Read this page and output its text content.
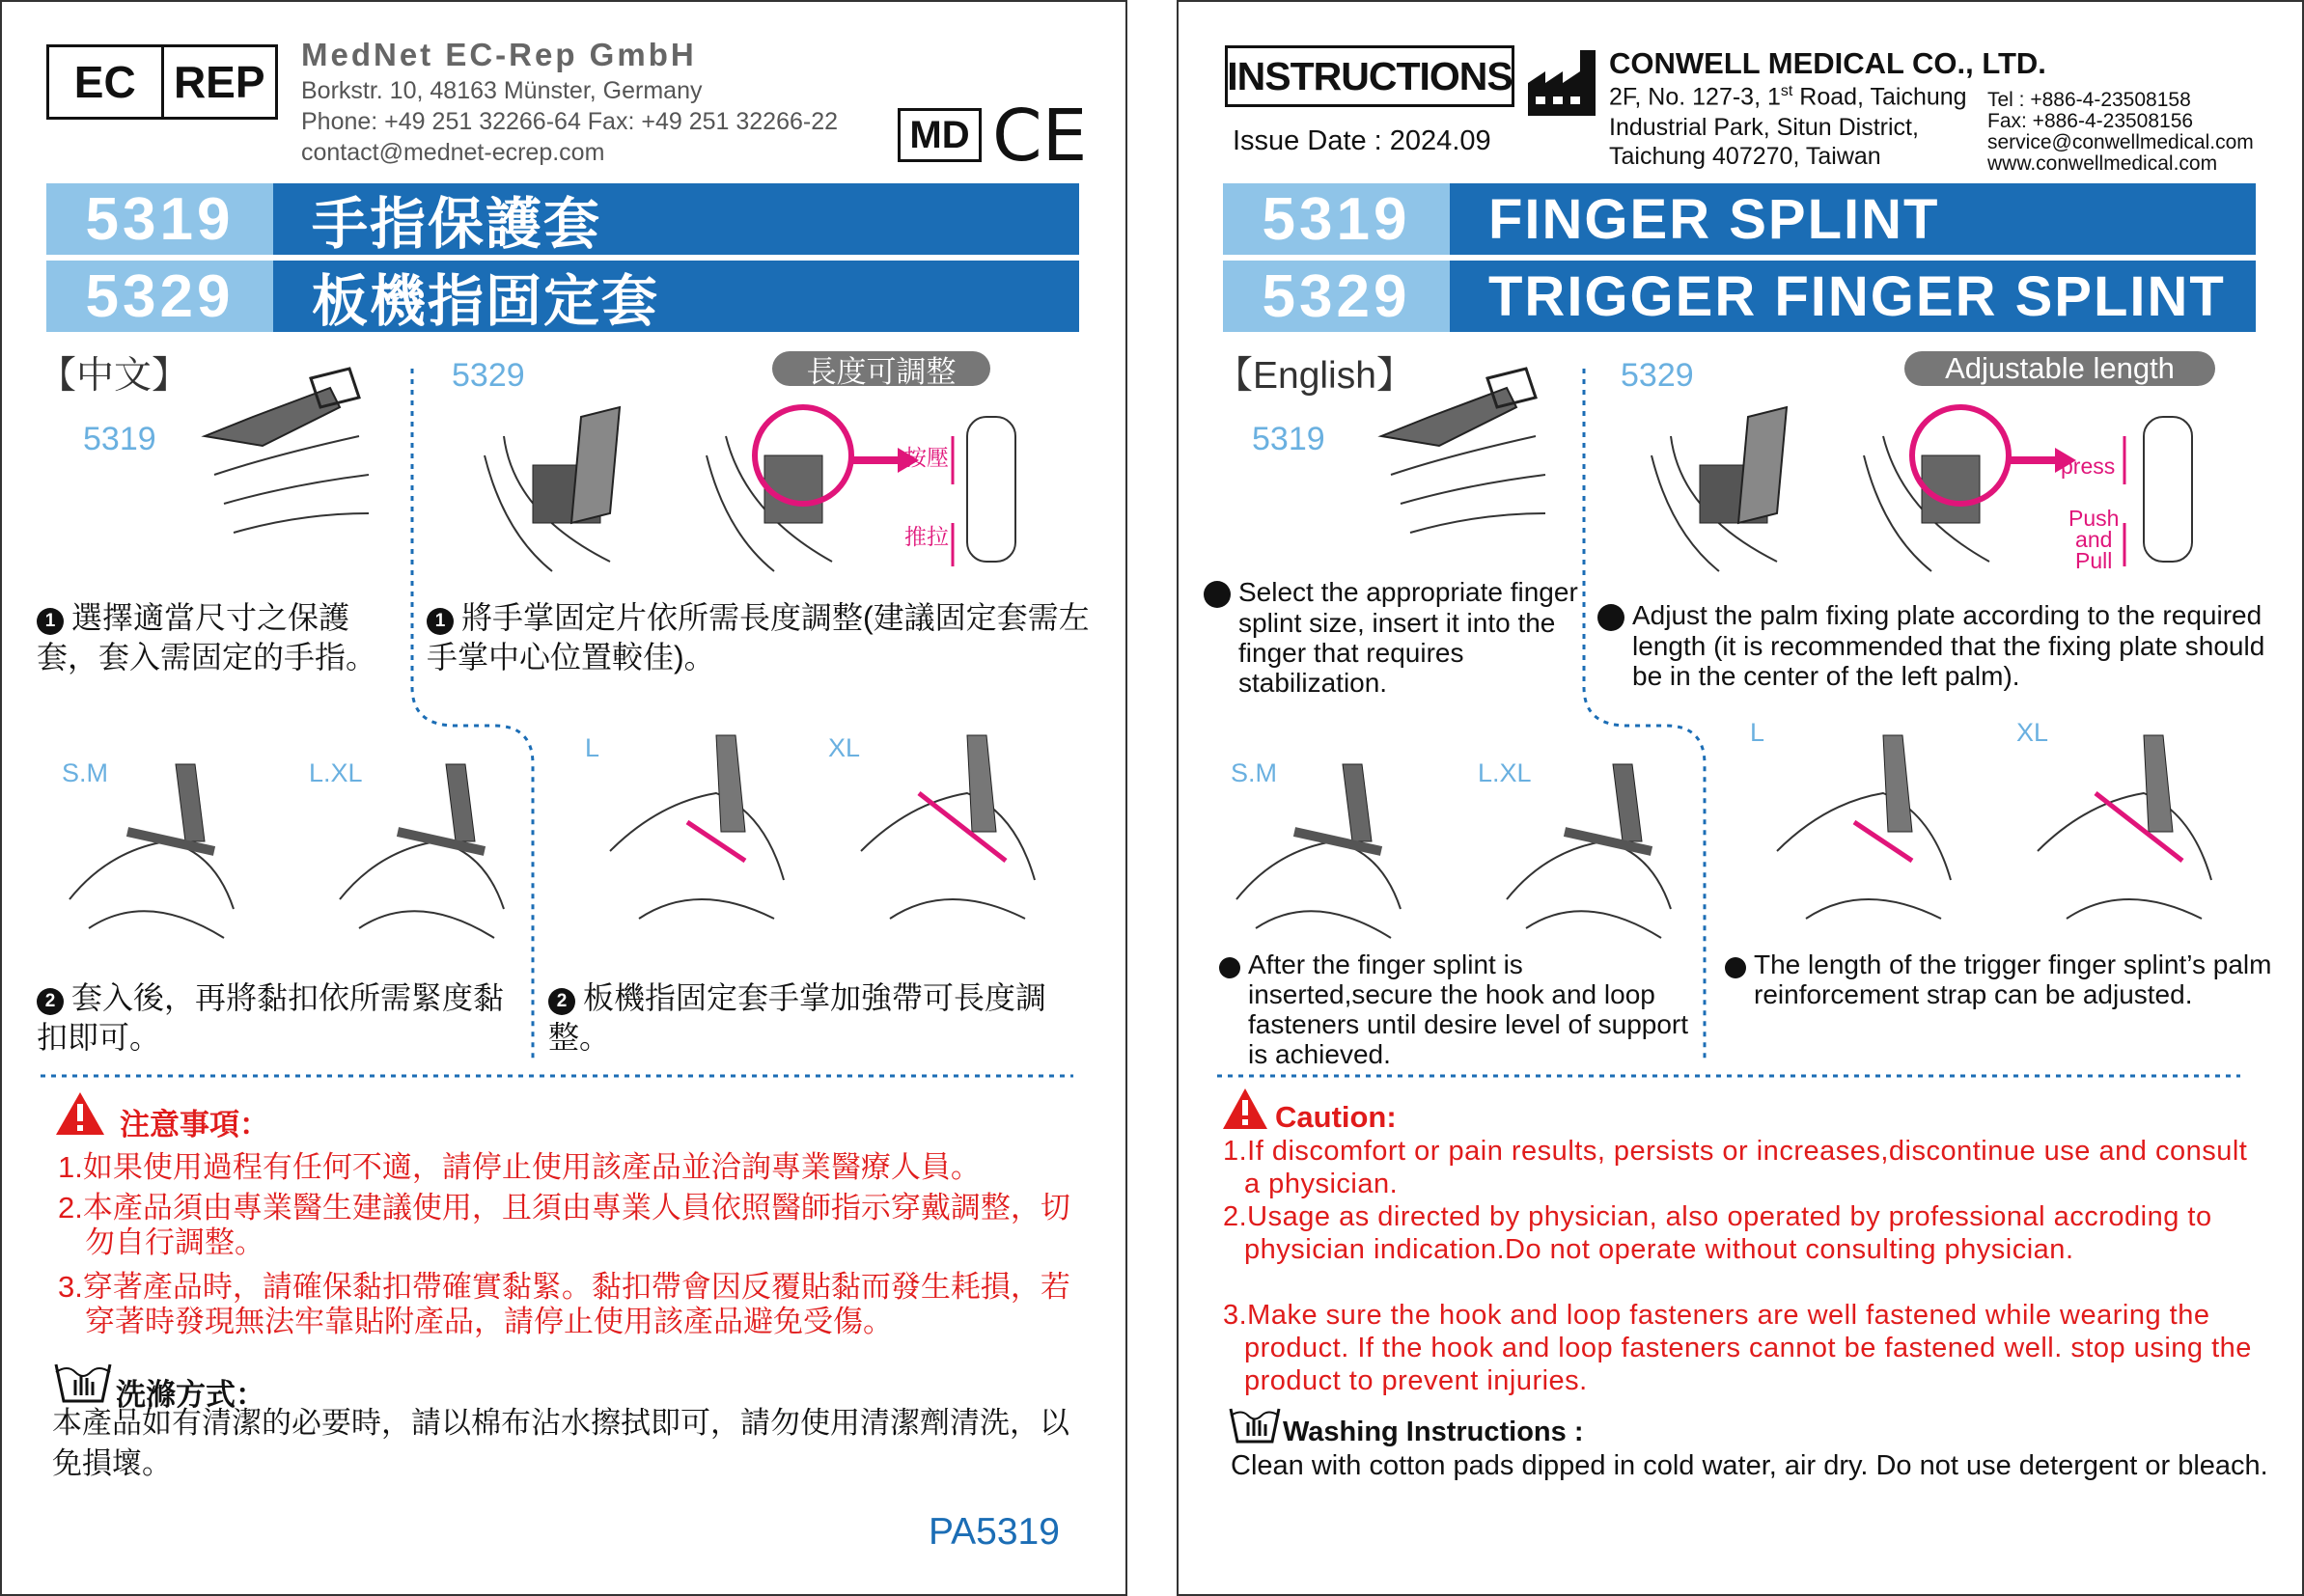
EC REP
MedNet EC-Rep GmbH
Borkstr. 10, 48163 Münster, Germany
Phone: +49 251 32266-64 Fax: +49 251 32266-22
contact@mednet-ecrep.com	MD CE
5319	手指保護套
5329	板機指固定套
【中文】
5319
5329	長度可調整
按壓
推拉
1 選擇適當尺寸之保護套，套入需固定的手指。
1 將手掌固定片依所需長度調整(建議固定套需左手掌中心位置較佳)。
S.M	L.XL
L	XL
2 套入後，再將黏扣依所需緊度黏扣即可。
2 板機指固定套手掌加強帶可長度調整。
注意事項：
1.如果使用過程有任何不適，請停止使用該產品並洽詢專業醫療人員。
2.本產品須由專業醫生建議使用，且須由專業人員依照醫師指示穿戴調整，切勿自行調整。
3.穿著產品時，請確保黏扣帶確實黏緊。黏扣帶會因反覆貼黏而發生耗損，若穿著時發現無法牢靠貼附產品，請停止使用該產品避免受傷。
洗滌方式：
本產品如有清潔的必要時，請以棉布沾水擦拭即可，請勿使用清潔劑清洗，以免損壞。
PA5319
INSTRUCTIONS
Issue Date : 2024.09
CONWELL MEDICAL CO., LTD.
2F, No. 127-3, 1st Road, Taichung
Industrial Park, Situn District,
Taichung 407270, Taiwan
Tel : +886-4-23508158
Fax: +886-4-23508156
service@conwellmedical.com
www.conwellmedical.com
5319	FINGER SPLINT
5329	TRIGGER FINGER SPLINT
【English】
5319
5329	Adjustable length
press
Push
and
Pull
1 Select the appropriate finger splint size, insert it into the finger that requires stabilization.
1 Adjust the palm fixing plate according to the required length (it is recommended that the fixing plate should be in the center of the left palm).
S.M	L.XL
L	XL
2 After the finger splint is inserted,secure the hook and loop fasteners until desire level of support is achieved.
2 The length of the trigger finger splint’s palm reinforcement strap can be adjusted.
Caution:
1.If discomfort or pain results, persists or increases,discontinue use and consult a physician.
2.Usage as directed by physician, also operated by professional accroding to physician indication.Do not operate without consulting physician.
3.Make sure the hook and loop fasteners are well fastened while wearing the product. If the hook and loop fasteners cannot be fastened well. stop using the product to prevent injuries.
Washing Instructions :
Clean with cotton pads dipped in cold water, air dry. Do not use detergent or bleach.
